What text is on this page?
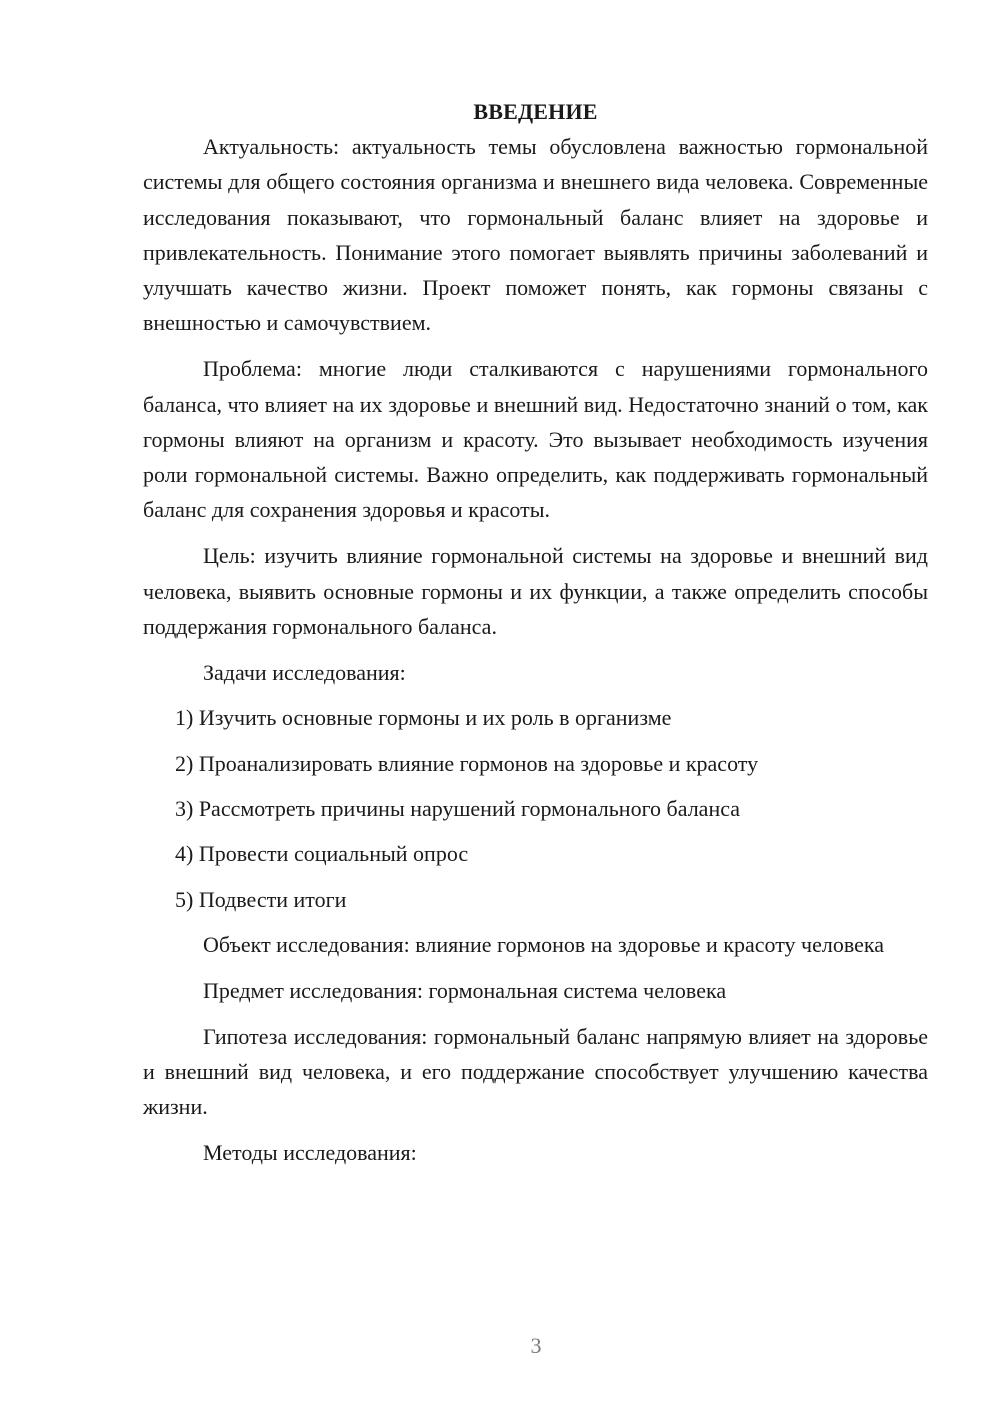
ВВЕДЕНИЕ

Актуальность: актуальность темы обусловлена важностью гормональной системы для общего состояния организма и внешнего вида человека. Современные исследования показывают, что гормональный баланс влияет на здоровье и привлекательность. Понимание этого помогает выявлять причины заболеваний и улучшать качество жизни. Проект поможет понять, как гормоны связаны с внешностью и самочувствием.

Проблема: многие люди сталкиваются с нарушениями гормонального баланса, что влияет на их здоровье и внешний вид. Недостаточно знаний о том, как гормоны влияют на организм и красоту. Это вызывает необходимость изучения роли гормональной системы. Важно определить, как поддерживать гормональный баланс для сохранения здоровья и красоты.

Цель: изучить влияние гормональной системы на здоровье и внешний вид человека, выявить основные гормоны и их функции, а также определить способы поддержания гормонального баланса.

Задачи исследования:

1) Изучить основные гормоны и их роль в организме
2) Проанализировать влияние гормонов на здоровье и красоту
3) Рассмотреть причины нарушений гормонального баланса
4) Провести социальный опрос
5) Подвести итоги

Объект исследования: влияние гормонов на здоровье и красоту человека

Предмет исследования: гормональная система человека

Гипотеза исследования: гормональный баланс напрямую влияет на здоровье и внешний вид человека, и его поддержание способствует улучшению качества жизни.

Методы исследования:

3
